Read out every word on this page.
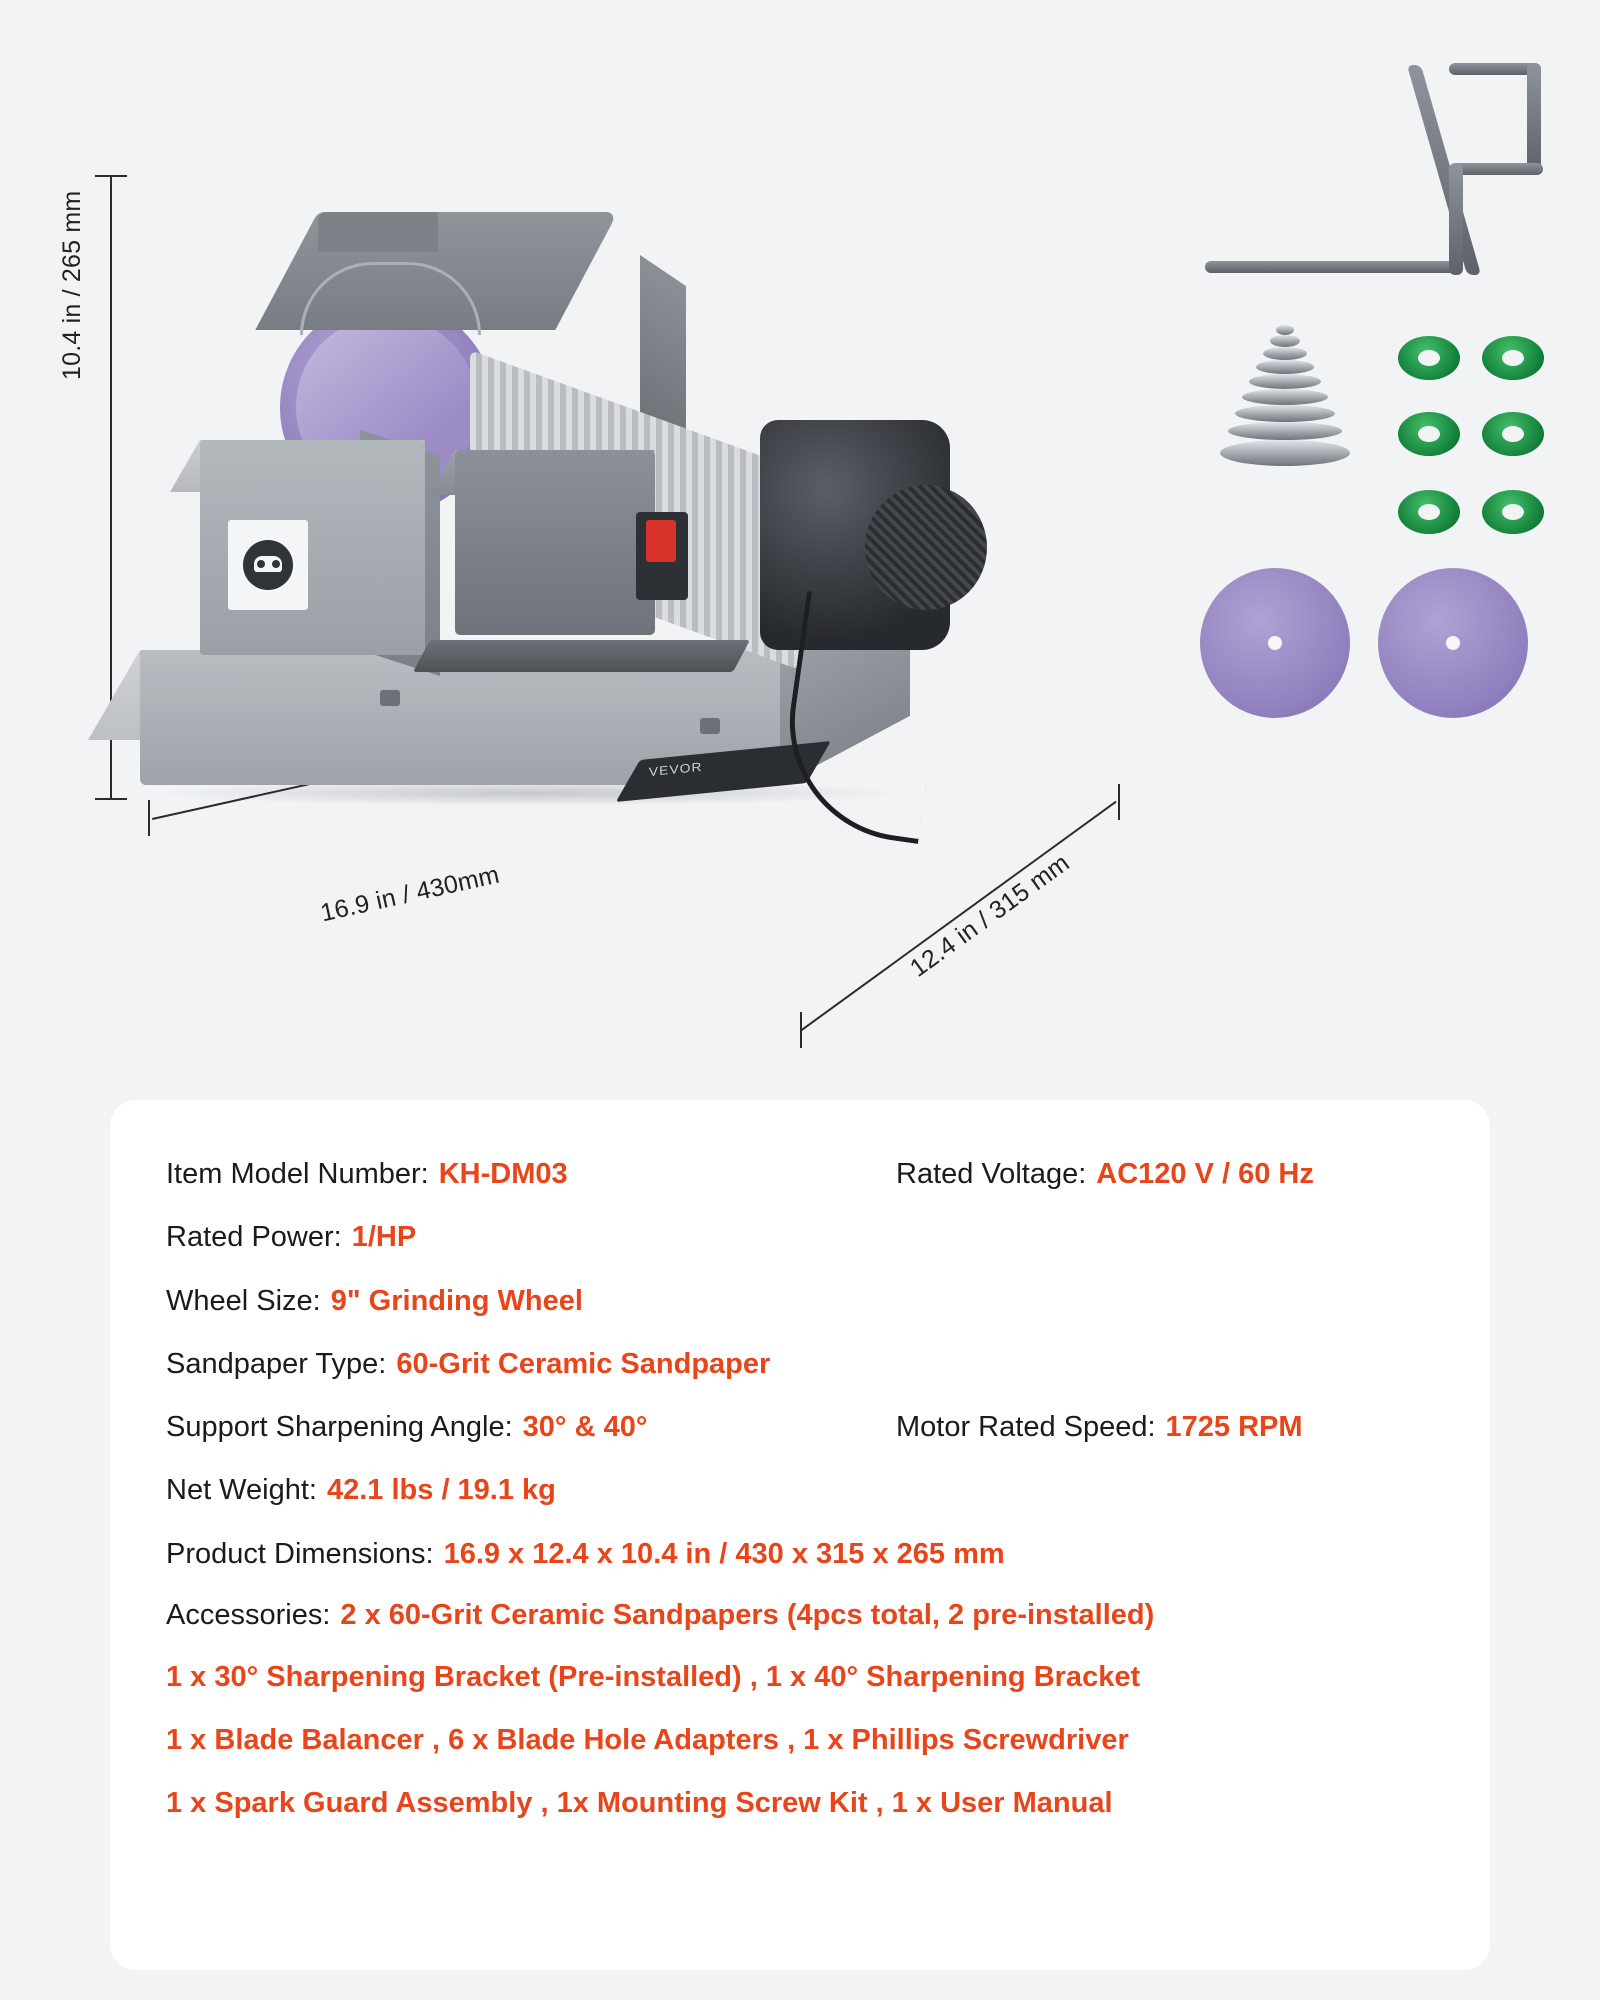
10.4 in / 265 mm
16.9 in / 430mm	12.4 in / 315 mm
VEVOR
Item Model Number: KH-DM03	Rated Voltage: AC120 V / 60 Hz
Rated Power: 1/HP
Wheel Size: 9" Grinding Wheel
Sandpaper Type: 60-Grit Ceramic Sandpaper
Support Sharpening Angle: 30° & 40°	Motor Rated Speed: 1725 RPM
Net Weight: 42.1 lbs / 19.1 kg
Product Dimensions: 16.9 x 12.4 x 10.4 in / 430 x 315 x 265 mm
Accessories: 2 x 60-Grit Ceramic Sandpapers (4pcs total, 2 pre-installed)
1 x 30° Sharpening Bracket (Pre-installed) , 1 x 40° Sharpening Bracket
1 x Blade Balancer , 6 x Blade Hole Adapters , 1 x Phillips Screwdriver
1 x Spark Guard Assembly , 1x Mounting Screw Kit , 1 x User Manual
